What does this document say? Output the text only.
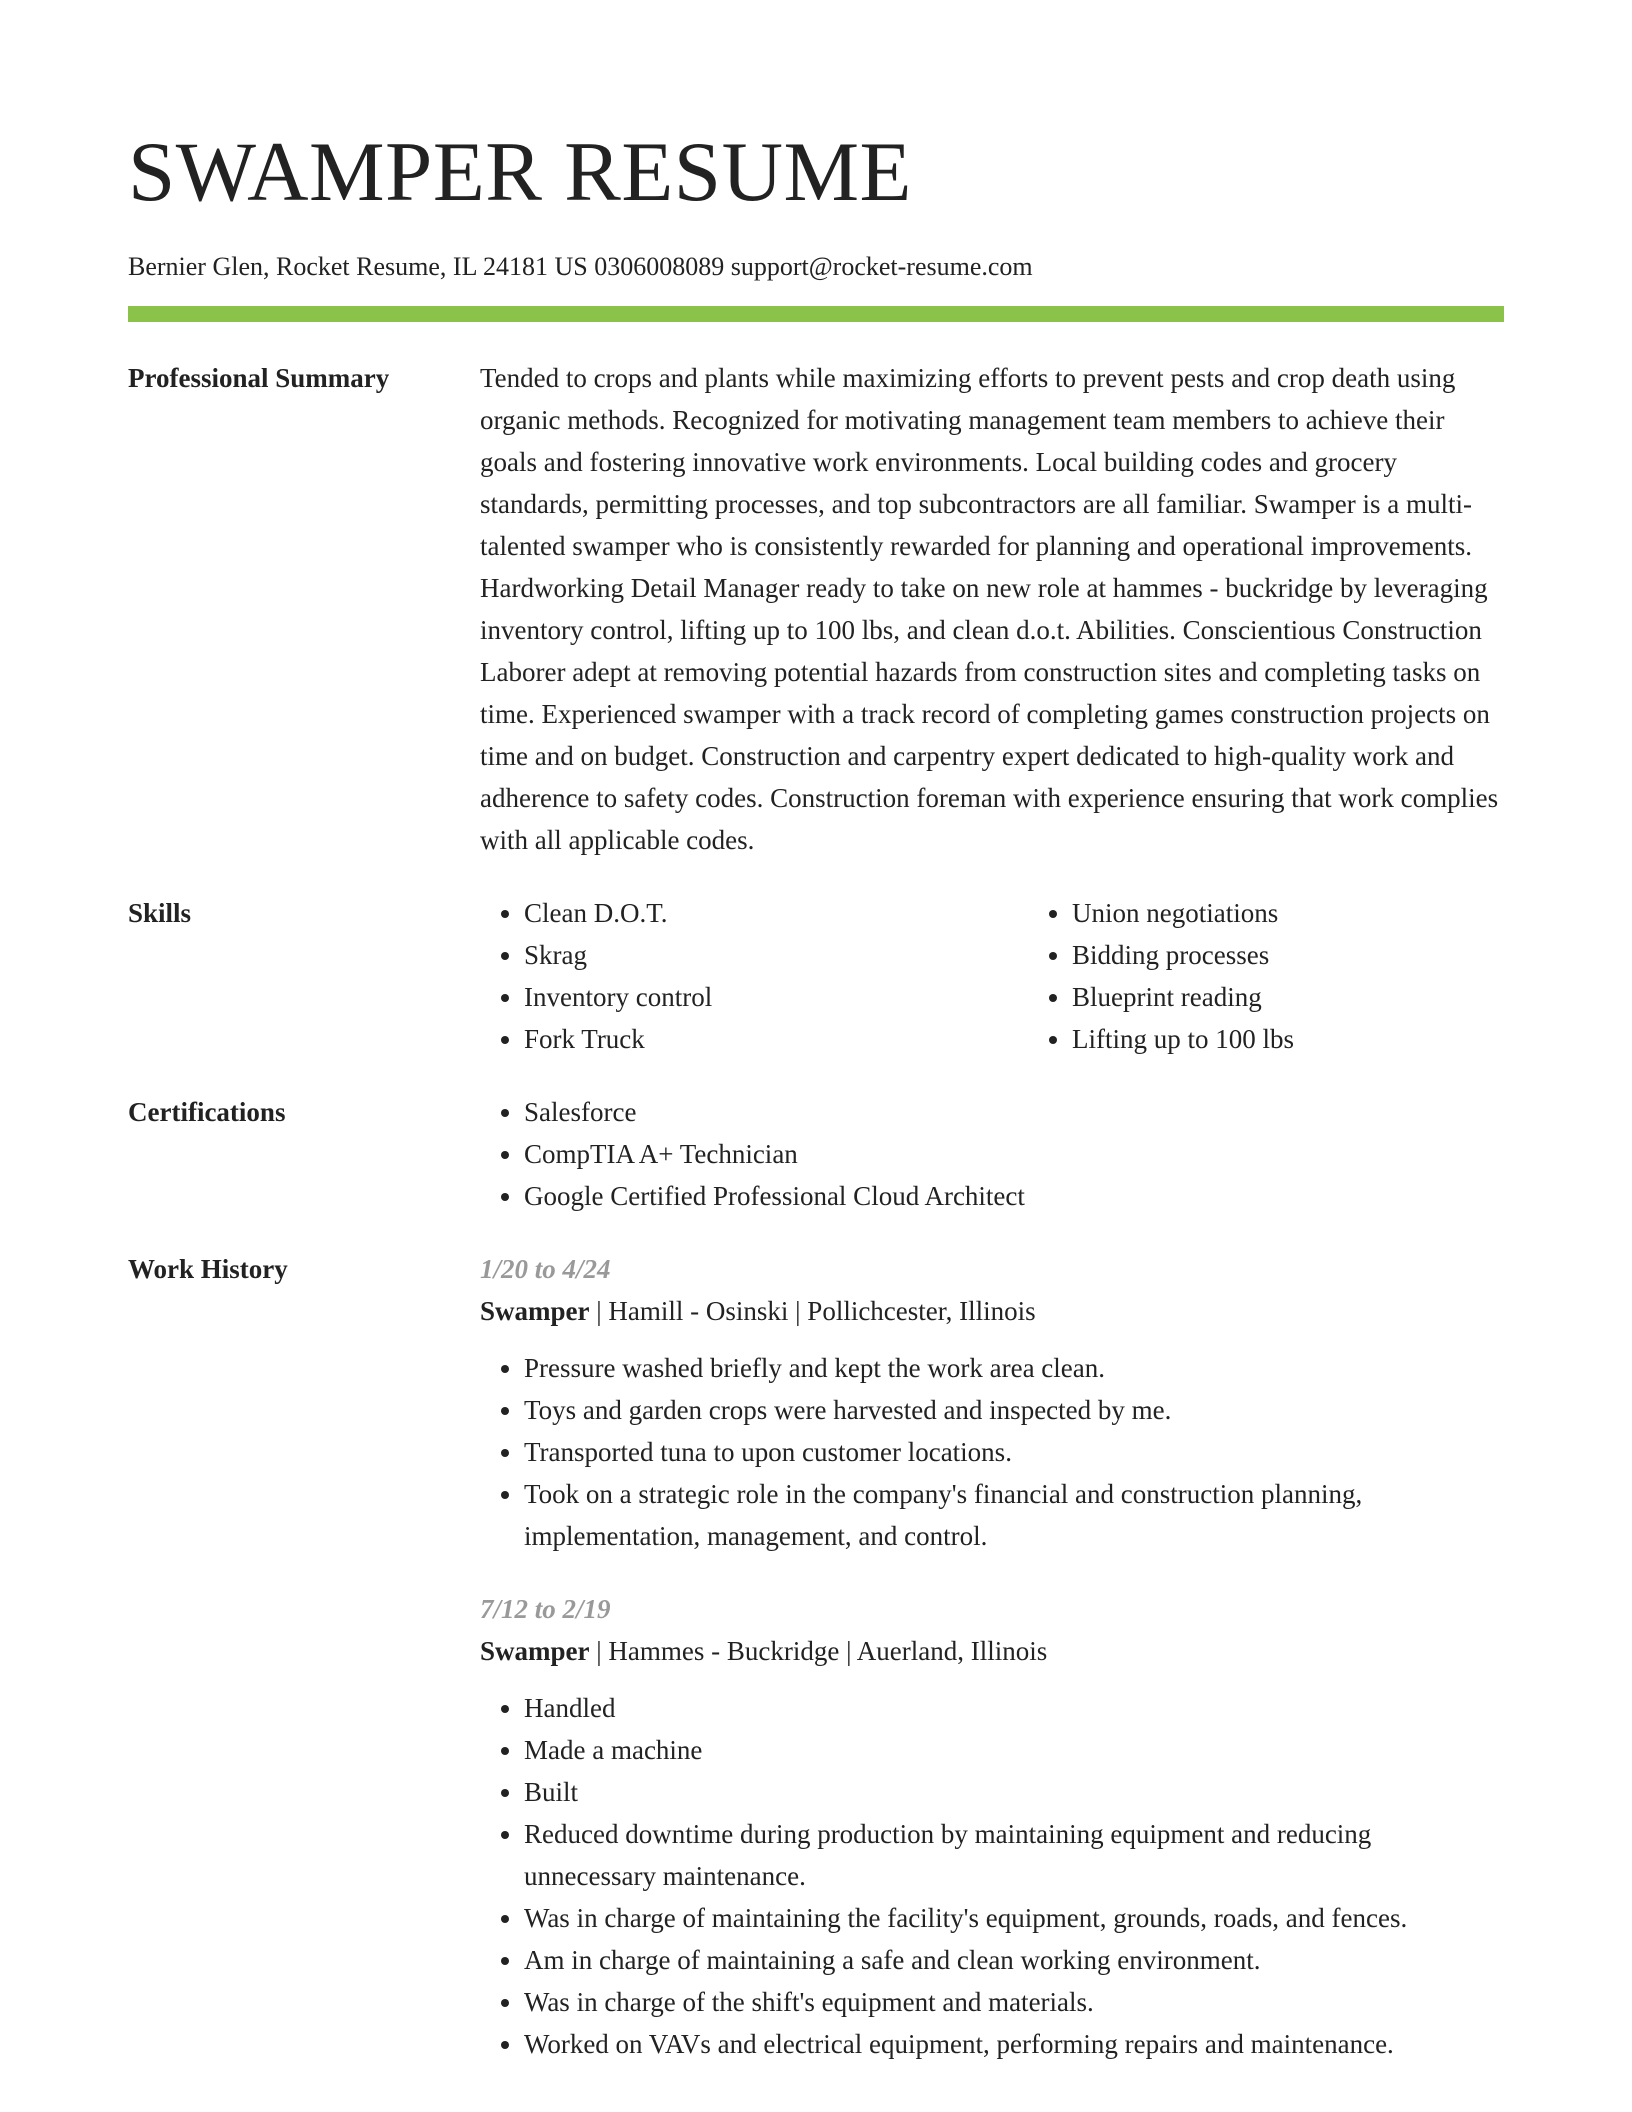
SWAMPER RESUME
Bernier Glen, Rocket Resume, IL 24181 US 0306008089 support@rocket-resume.com
Professional Summary	Tended to crops and plants while maximizing efforts to prevent pests and crop death using organic methods. Recognized for motivating management team members to achieve their goals and fostering innovative work environments. Local building codes and grocery standards, permitting processes, and top subcontractors are all familiar. Swamper is a multi-talented swamper who is consistently rewarded for planning and operational improvements. Hardworking Detail Manager ready to take on new role at hammes - buckridge by leveraging inventory control, lifting up to 100 lbs, and clean d.o.t. Abilities. Conscientious Construction Laborer adept at removing potential hazards from construction sites and completing tasks on time. Experienced swamper with a track record of completing games construction projects on time and on budget. Construction and carpentry expert dedicated to high-quality work and adherence to safety codes. Construction foreman with experience ensuring that work complies with all applicable codes.

Skills	• Clean D.O.T.
• Skrag
• Inventory control
• Fork Truck
• Union negotiations
• Bidding processes
• Blueprint reading
• Lifting up to 100 lbs
Certifications	• Salesforce
• CompTIA A+ Technician
• Google Certified Professional Cloud Architect
Work History	1/20 to 4/24
Swamper | Hamill - Osinski | Pollichcester, Illinois
• Pressure washed briefly and kept the work area clean.
• Toys and garden crops were harvested and inspected by me.
• Transported tuna to upon customer locations.
• Took on a strategic role in the company's financial and construction planning, implementation, management, and control.
7/12 to 2/19
Swamper | Hammes - Buckridge | Auerland, Illinois
• Handled
• Made a machine
• Built
• Reduced downtime during production by maintaining equipment and reducing unnecessary maintenance.
• Was in charge of maintaining the facility's equipment, grounds, roads, and fences.
• Am in charge of maintaining a safe and clean working environment.
• Was in charge of the shift's equipment and materials.
• Worked on VAVs and electrical equipment, performing repairs and maintenance.
